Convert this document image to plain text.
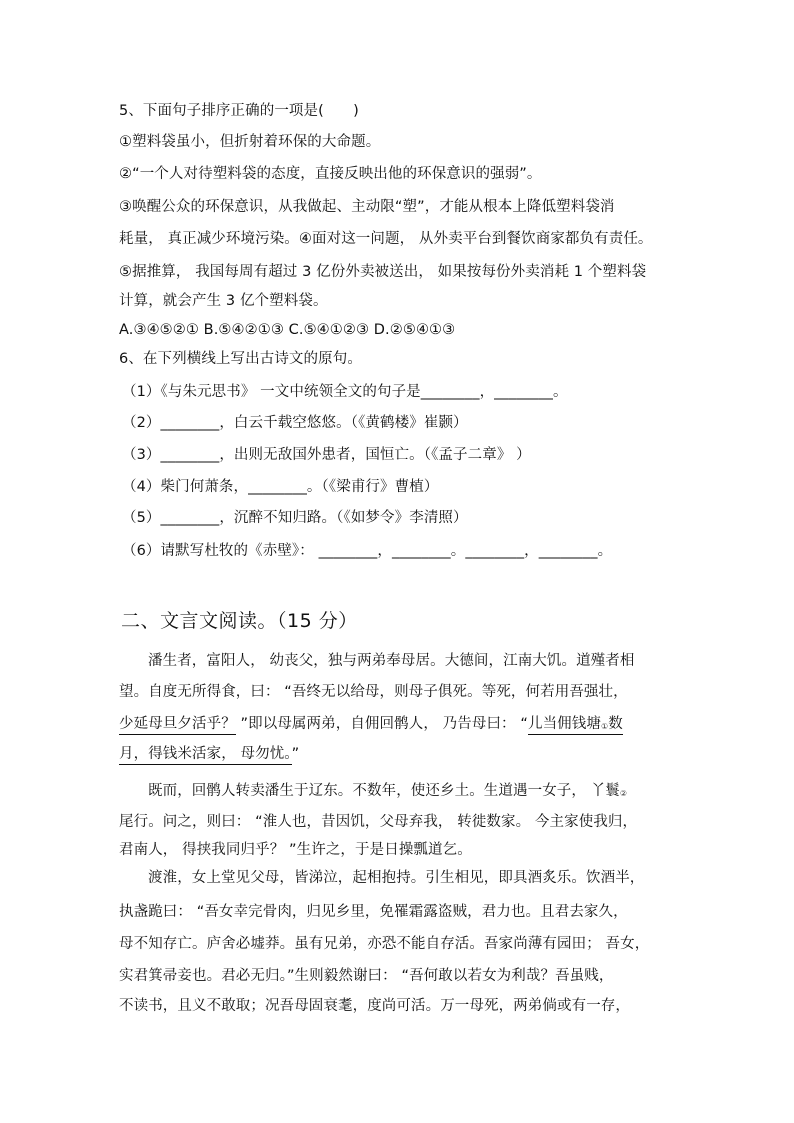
5、下面句子排序正确的一项是(　　)
①塑料袋虽小，但折射着环保的大命题。
②“一个人对待塑料袋的态度，直接反映出他的环保意识的强弱”。
③唤醒公众的环保意识，从我做起、主动限“塑”，才能从根本上降低塑料袋消
耗量， 真正减少环境污染。④面对这一问题， 从外卖平台到餐饮商家都负有责任。
⑤据推算， 我国每周有超过 3 亿份外卖被送出， 如果按每份外卖消耗 1 个塑料袋
计算，就会产生 3 亿个塑料袋。
A.③④⑤②① B.⑤④②①③ C.⑤④①②③ D.②⑤④①③
6、在下列横线上写出古诗文的原句。
（1）《与朱元思书》 一文中统领全文的句子是________，________。
（2）________，白云千载空悠悠。（《黄鹤楼》崔颢）
（3）________，出则无敌国外患者，国恒亡。（《孟子二章》 ）
（4）柴门何萧条，________。（《梁甫行》曹植）
（5）________，沉醉不知归路。（《如梦令》李清照）
（6）请默写杜牧的《赤壁》： ________，________。________，________。
二、文言文阅读。（15 分）
潘生者，富阳人， 幼丧父，独与两弟奉母居。大德间，江南大饥。道殣者相
望。自度无所得食，曰： “吾终无以给母，则母子俱死。等死，何若用吾强壮，
少延母旦夕活乎？ ”即以母属两弟，自佣回鹘人， 乃告母曰： “儿当佣钱塘①数
月，得钱米活家， 母勿忧。”
既而，回鹘人转卖潘生于辽东。不数年，使还乡土。生道遇一女子， 丫鬟②
尾行。问之，则曰： “淮人也，昔因饥，父母弃我， 转徙数家。 今主家使我归，
君南人， 得挟我同归乎？ ”生许之，于是日操瓢道乞。
渡淮，女上堂见父母，皆涕泣，起相抱持。引生相见，即具酒炙乐。饮酒半，
执盏跪曰： “吾女幸完骨肉，归见乡里，免罹霜露盗贼，君力也。且君去家久，
母不知存亡。庐舍必墟莽。虽有兄弟，亦恐不能自存活。吾家尚薄有园田； 吾女，
实君箕帚妾也。君必无归。”生则毅然谢曰： “吾何敢以若女为利哉？吾虽贱，
不读书，且义不敢取；况吾母固衰耄，度尚可活。万一母死，两弟倘或有一存，
